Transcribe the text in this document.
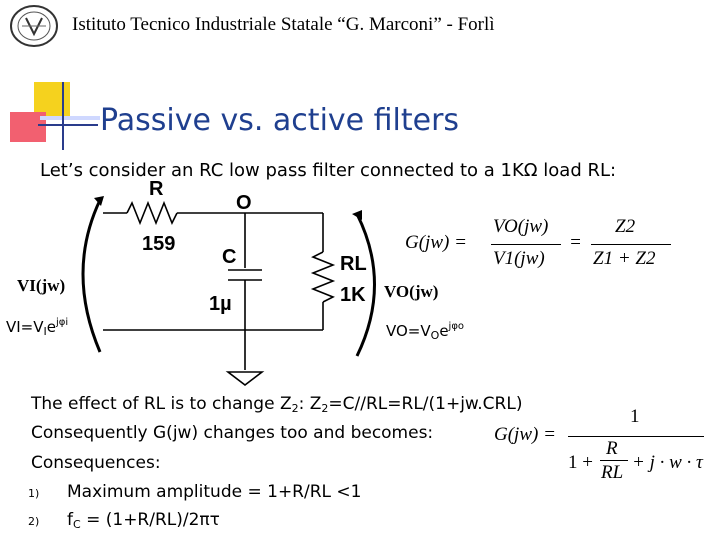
Istituto Tecnico Industriale Statale “G. Marconi” - Forlì
Passive vs. active filters
Let’s consider an RC low pass filter connected to a 1KΩ load RL:
R
159
O
C
1µ
RL
1K
VI(jw)	VO(jw)
$VI=V_Ie^{j\varphi i}$	$VO=V_Oe^{j\varphi o}$
G(jw) =
VO(jw)
V1(jw)
=
Z2
Z1 + Z2
The effect of RL is to change $Z_2$: $Z_2=C//RL=RL/(1+jw.CRL)$
Consequently G(jw) changes too and becomes:
Consequences:
1) Maximum amplitude = 1+R/RL <1
2) $f_C = (1+R/RL)/2\pi\tau$
G(jw) =
1
1 +
R
RL + j · w · τ
